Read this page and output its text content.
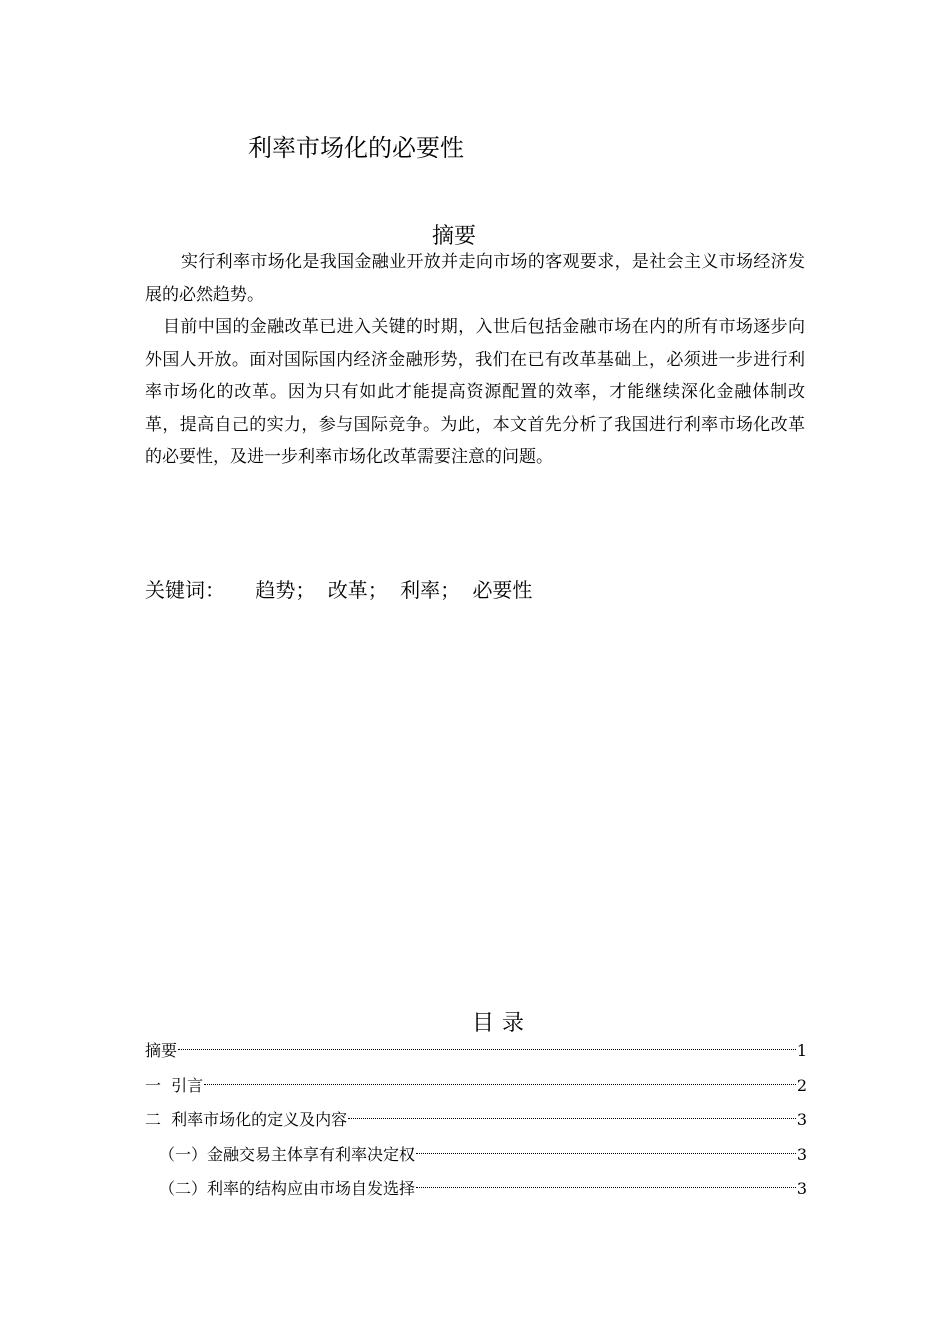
利率市场化的必要性
摘要

实行利率市场化是我国金融业开放并走向市场的客观要求，是社会主义市场经济发展的必然趋势。

目前中国的金融改革已进入关键的时期，入世后包括金融市场在内的所有市场逐步向外国人开放。面对国际国内经济金融形势，我们在已有改革基础上，必须进一步进行利率市场化的改革。因为只有如此才能提高资源配置的效率，才能继续深化金融体制改革，提高自己的实力，参与国际竞争。为此，本文首先分析了我国进行利率市场化改革的必要性，及进一步利率市场化改革需要注意的问题。

关键词： 趋势； 改革； 利率； 必要性
目录
摘要	1
一  引言	2
二  利率市场化的定义及内容	3
（一）金融交易主体享有利率决定权	3
（二）利率的结构应由市场自发选择	3
